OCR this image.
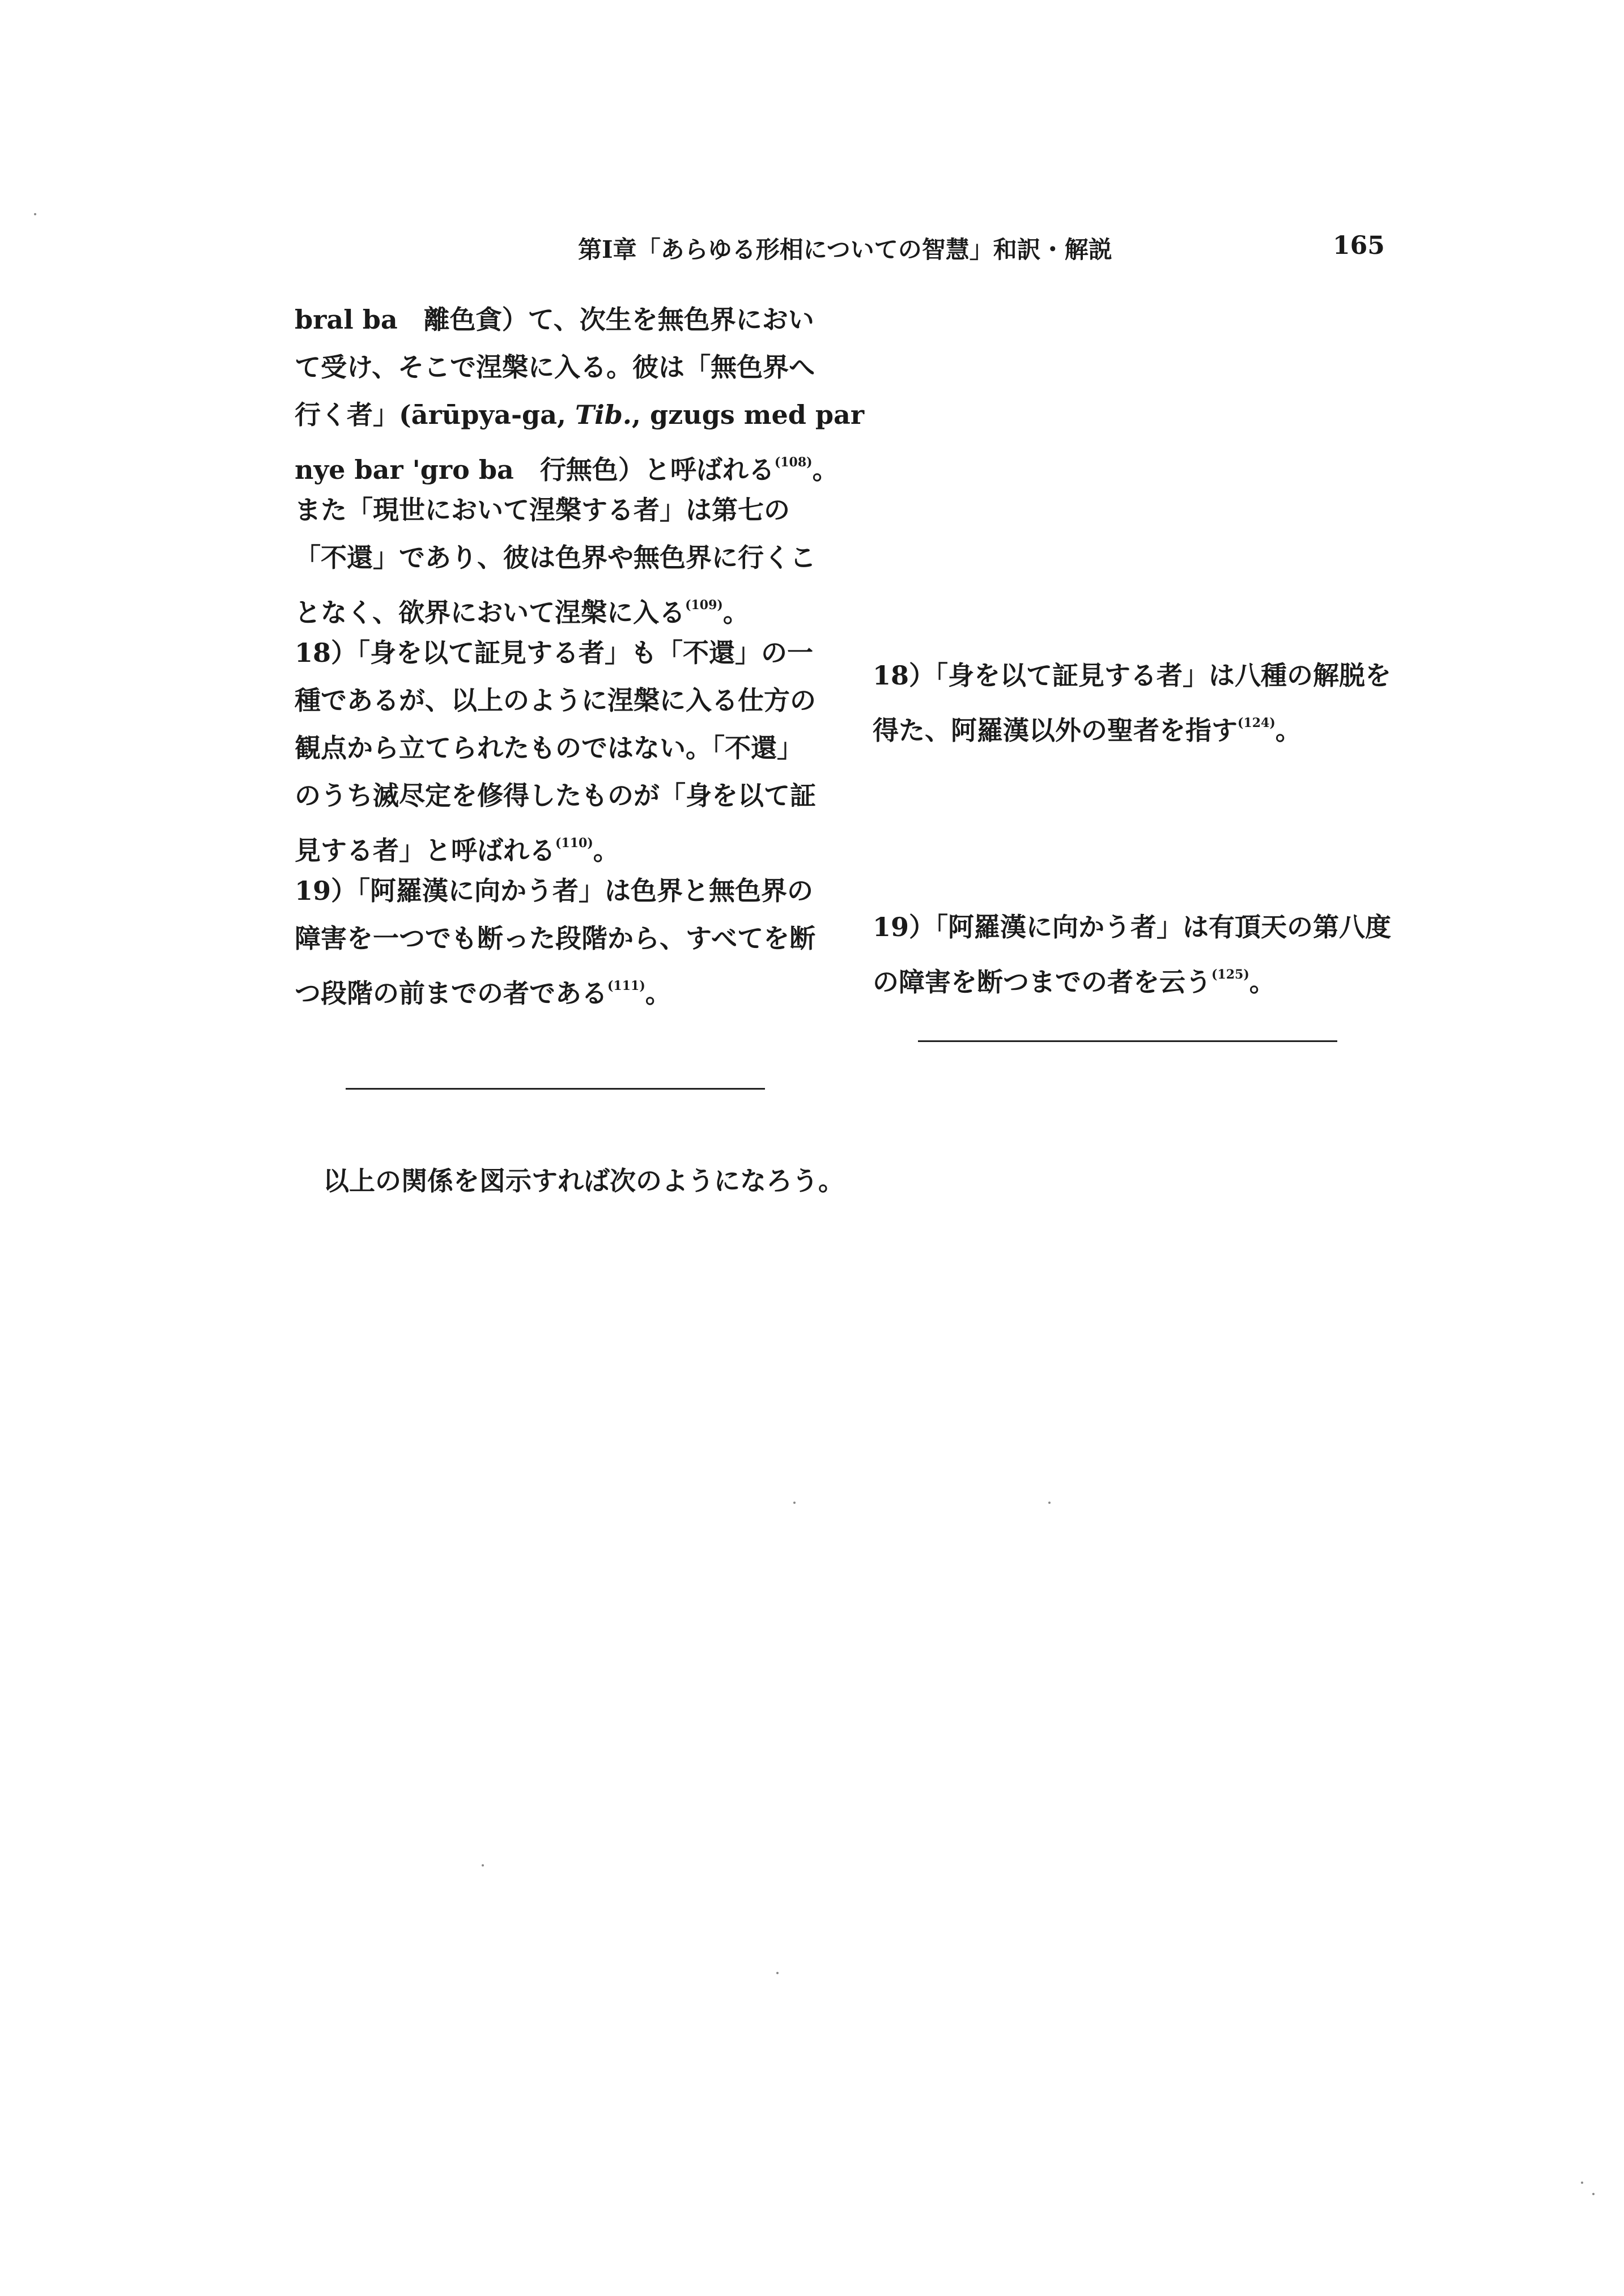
第Ⅰ章「あらゆる形相についての智慧」和訳・解説	165
bral ba　離色貪）て、次生を無色界におい
て受け、そこで涅槃に入る。彼は「無色界へ
行く者」(ārūpya-ga, Tib., gzugs med par
nye bar 'gro ba　行無色）と呼ばれる$^{(108)}$。
また「現世において涅槃する者」は第七の
「不還」であり、彼は色界や無色界に行くこ
となく、欲界において涅槃に入る$^{(109)}$。
18）「身を以て証見する者」も「不還」の一
種であるが、以上のように涅槃に入る仕方の
観点から立てられたものではない。「不還」
のうち滅尽定を修得したものが「身を以て証
見する者」と呼ばれる$^{(110)}$。
19）「阿羅漢に向かう者」は色界と無色界の
障害を一つでも断った段階から、すべてを断
つ段階の前までの者である$^{(111)}$。
18）「身を以て証見する者」は八種の解脱を
得た、阿羅漢以外の聖者を指す$^{(124)}$。
19）「阿羅漢に向かう者」は有頂天の第八度
の障害を断つまでの者を云う$^{(125)}$。
以上の関係を図示すれば次のようになろう。
